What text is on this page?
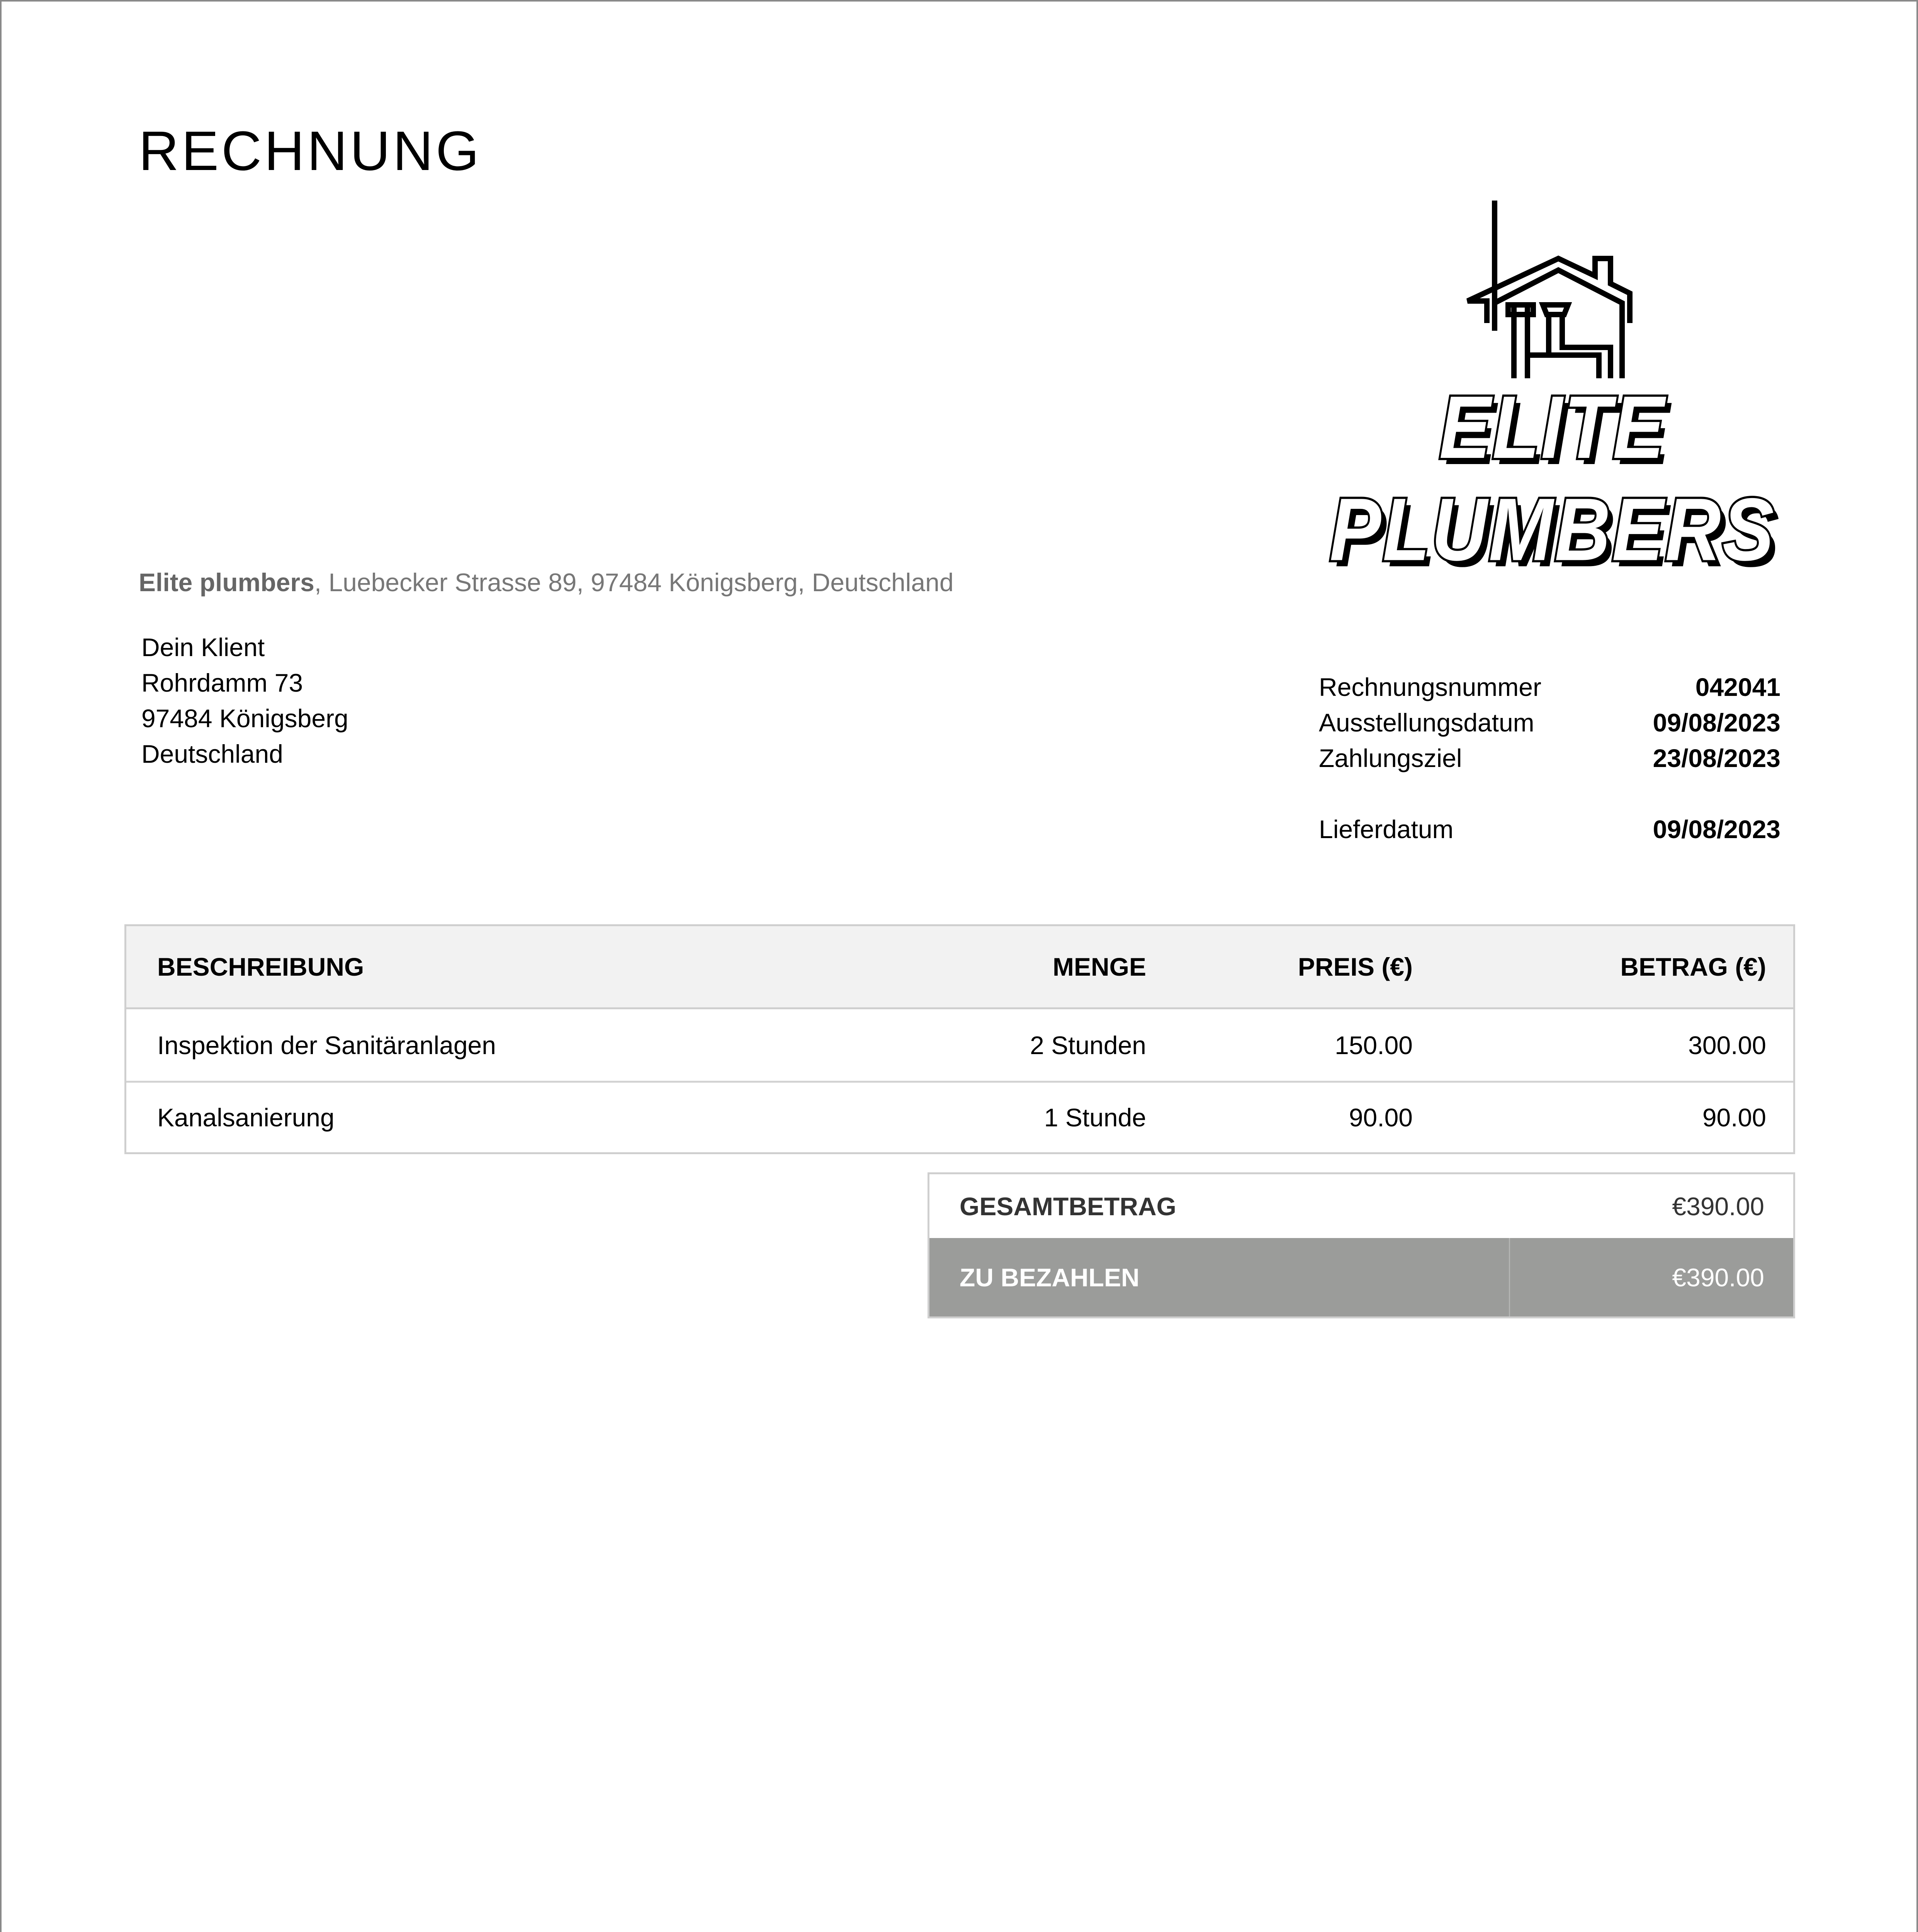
RECHNUNG
ELITE PLUMBERS
Elite plumbers, Luebecker Strasse 89, 97484 Königsberg, Deutschland
Dein Klient
Rohrdamm 73
97484 Königsberg
Deutschland
Rechnungsnummer	042041
Ausstellungsdatum	09/08/2023
Zahlungsziel	23/08/2023
Lieferdatum	09/08/2023
BESCHREIBUNG	MENGE	PREIS (€)	BETRAG (€)
Inspektion der Sanitäranlagen	2 Stunden	150.00	300.00
Kanalsanierung	1 Stunde	90.00	90.00
GESAMTBETRAG	€390.00
ZU BEZAHLEN	€390.00
